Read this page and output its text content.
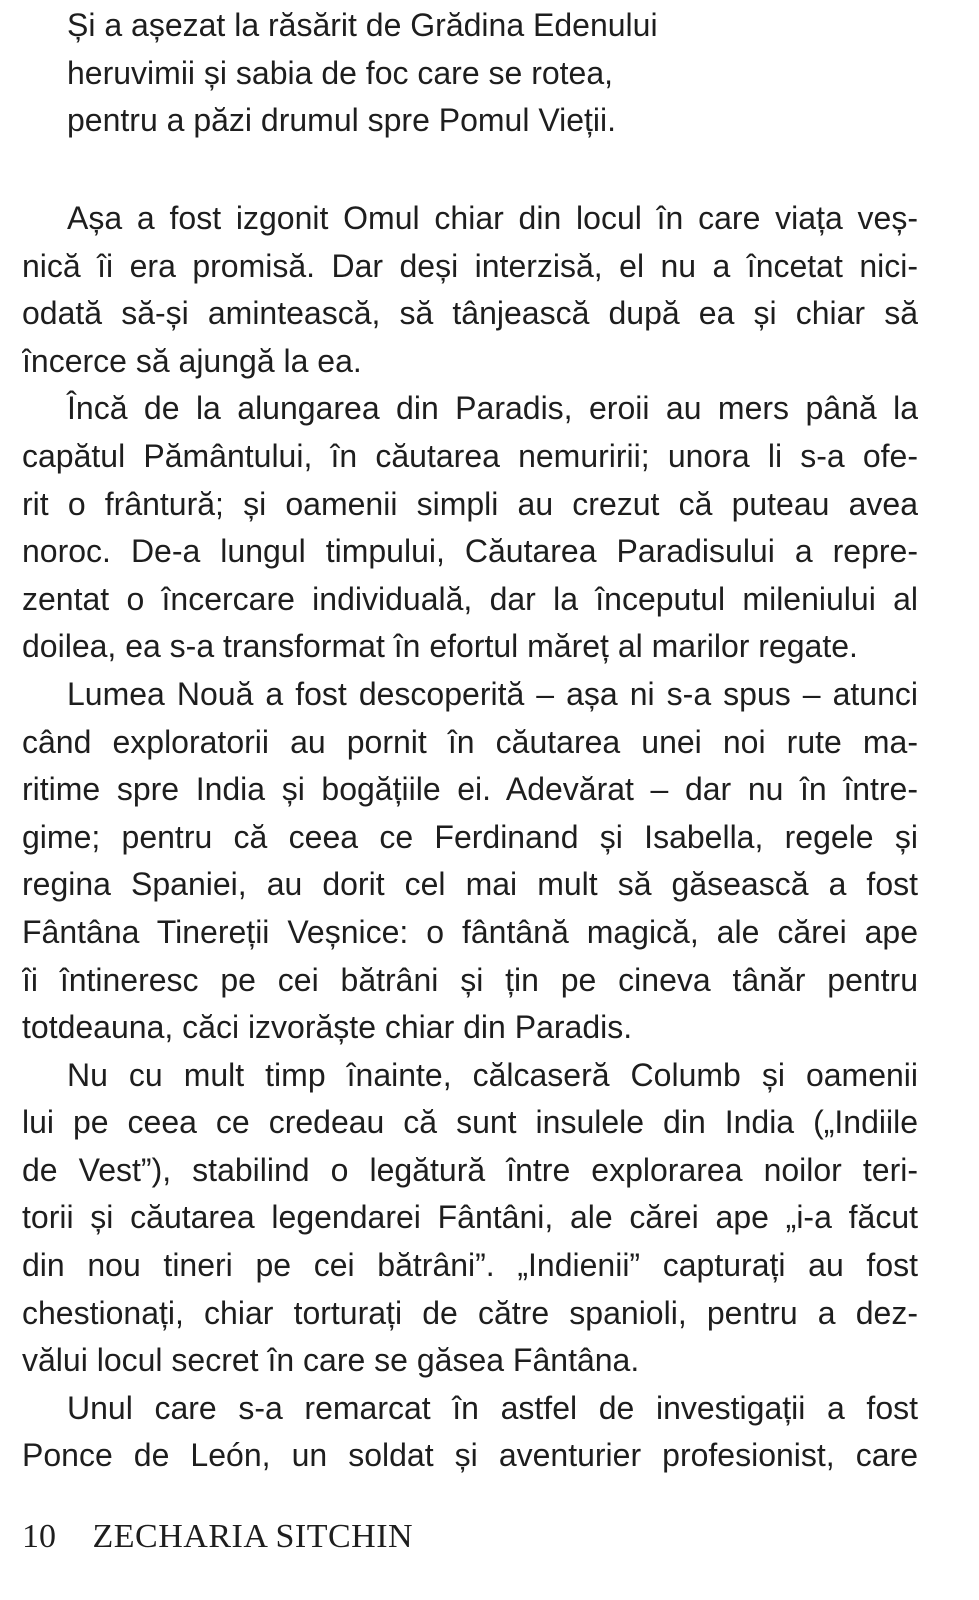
Și a așezat la răsărit de Grădina Edenului
heruvimii și sabia de foc care se rotea,
pentru a păzi drumul spre Pomul Vieții.
Așa a fost izgonit Omul chiar din locul în care viața veș-
nică îi era promisă. Dar deși interzisă, el nu a încetat nici-
odată să-și amintească, să tânjească după ea și chiar să
încerce să ajungă la ea.
Încă de la alungarea din Paradis, eroii au mers până la
capătul Pământului, în căutarea nemuririi; unora li s-a ofe-
rit o frântură; și oamenii simpli au crezut că puteau avea
noroc. De-a lungul timpului, Căutarea Paradisului a repre-
zentat o încercare individuală, dar la începutul mileniului al
doilea, ea s-a transformat în efortul măreț al marilor regate.
Lumea Nouă a fost descoperită – așa ni s-a spus – atunci
când exploratorii au pornit în căutarea unei noi rute ma-
ritime spre India și bogățiile ei. Adevărat – dar nu în între-
gime; pentru că ceea ce Ferdinand și Isabella, regele și
regina Spaniei, au dorit cel mai mult să găsească a fost
Fântâna Tinereții Veșnice: o fântână magică, ale cărei ape
îi întineresc pe cei bătrâni și țin pe cineva tânăr pentru
totdeauna, căci izvorăște chiar din Paradis.
Nu cu mult timp înainte, călcaseră Columb și oamenii
lui pe ceea ce credeau că sunt insulele din India („Indiile
de Vest”), stabilind o legătură între explorarea noilor teri-
torii și căutarea legendarei Fântâni, ale cărei ape „i-a făcut
din nou tineri pe cei bătrâni”. „Indienii” capturați au fost
chestionați, chiar torturați de către spanioli, pentru a dez-
vălui locul secret în care se găsea Fântâna.
Unul care s-a remarcat în astfel de investigații a fost
Ponce de León, un soldat și aventurier profesionist, care
10 ZECHARIA SITCHIN
